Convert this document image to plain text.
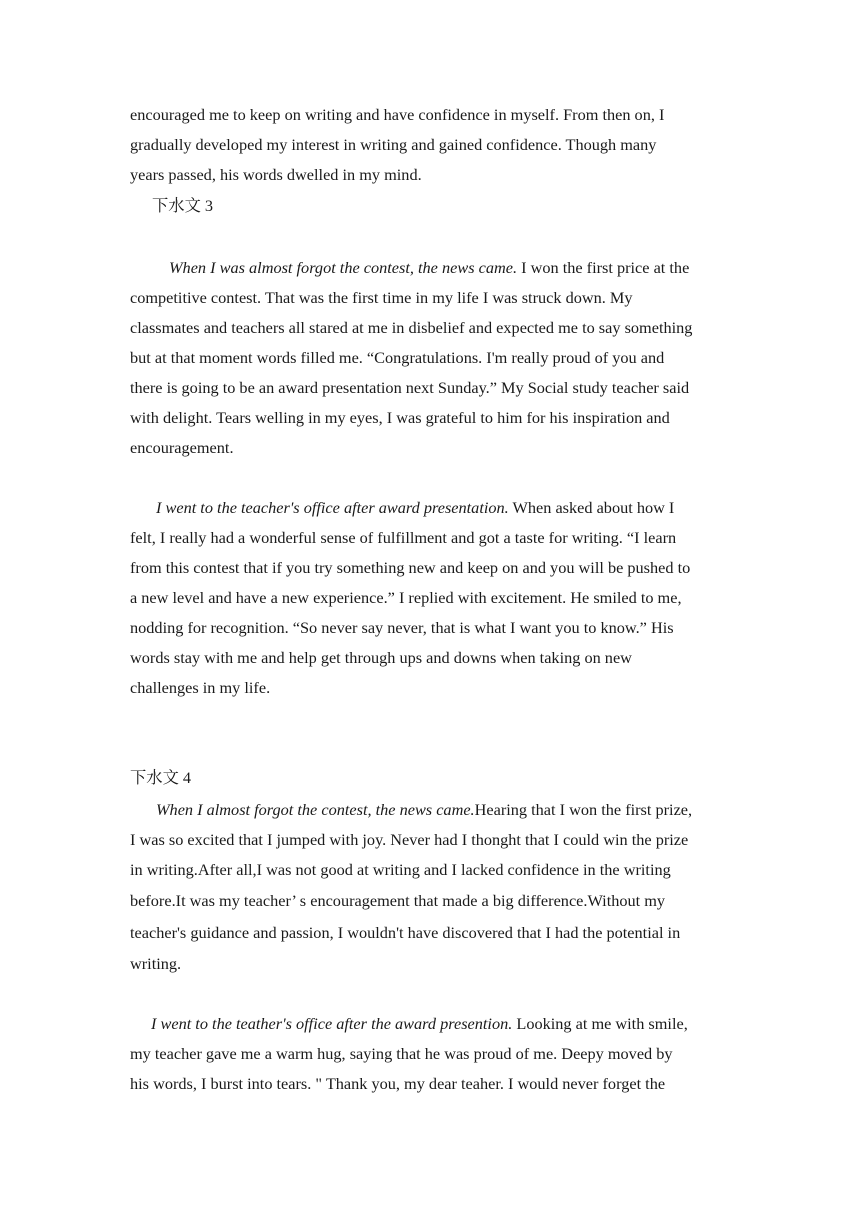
encouraged me to keep on writing and have confidence in myself. From then on, I
gradually developed my interest in writing and gained confidence. Though many
years passed, his words dwelled in my mind.
下水文 3
When I was almost forgot the contest, the news came. I won the first price at the
competitive contest. That was the first time in my life I was struck down. My
classmates and teachers all stared at me in disbelief and expected me to say something
but at that moment words filled me. “Congratulations. I'm really proud of you and
there is going to be an award presentation next Sunday.” My Social study teacher said
with delight. Tears welling in my eyes, I was grateful to him for his inspiration and
encouragement.
I went to the teacher's office after award presentation. When asked about how I
felt, I really had a wonderful sense of fulfillment and got a taste for writing. “I learn
from this contest that if you try something new and keep on and you will be pushed to
a new level and have a new experience.” I replied with excitement. He smiled to me,
nodding for recognition. “So never say never, that is what I want you to know.” His
words stay with me and help get through ups and downs when taking on new
challenges in my life.
下水文 4
When I almost forgot the contest, the news came.Hearing that I won the first prize,
I was so excited that I jumped with joy. Never had I thonght that I could win the prize
in writing.After all,I was not good at writing and I lacked confidence in the writing
before.It was my teacher’ s encouragement that made a big difference.Without my
teacher's guidance and passion, I wouldn't have discovered that I had the potential in
writing.
I went to the teather's office after the award presention. Looking at me with smile,
my teacher gave me a warm hug, saying that he was proud of me. Deepy moved by
his words, I burst into tears. " Thank you, my dear teaher. I would never forget the
